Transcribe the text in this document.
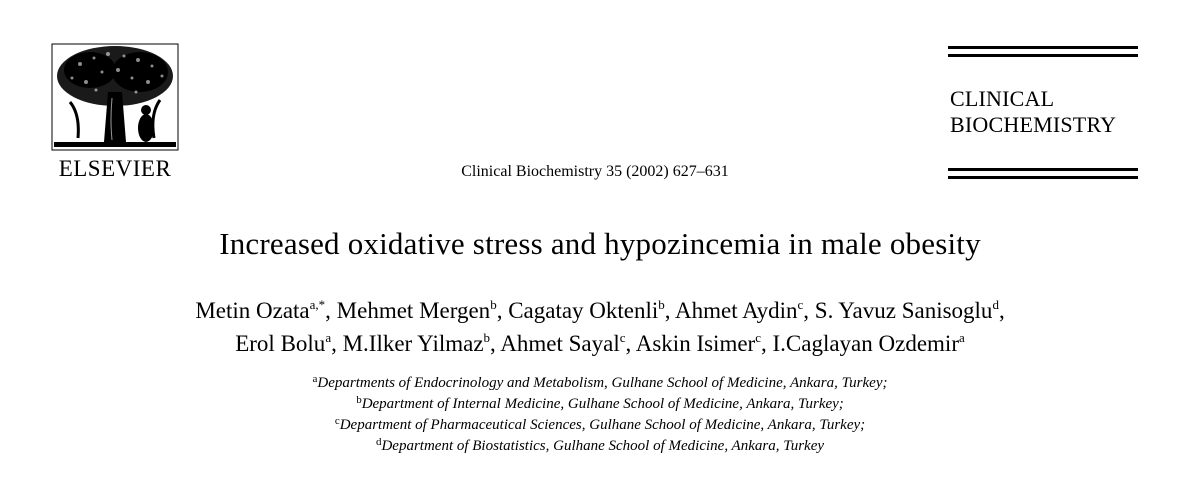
ELSEVIER	Clinical Biochemistry 35 (2002) 627–631
CLINICAL
BIOCHEMISTRY
Increased oxidative stress and hypozincemia in male obesity
Metin Ozata$^{a,*}$, Mehmet Mergen$^b$, Cagatay Oktenli$^b$, Ahmet Aydin$^c$, S. Yavuz Sanisoglu$^d$,
Erol Bolu$^a$, M.Ilker Yilmaz$^b$, Ahmet Sayal$^c$, Askin Isimer$^c$, I.Caglayan Ozdemir$^a$
$^a$Departments of Endocrinology and Metabolism, Gulhane School of Medicine, Ankara, Turkey;
$^b$Department of Internal Medicine, Gulhane School of Medicine, Ankara, Turkey;
$^c$Department of Pharmaceutical Sciences, Gulhane School of Medicine, Ankara, Turkey;
$^d$Department of Biostatistics, Gulhane School of Medicine, Ankara, Turkey
